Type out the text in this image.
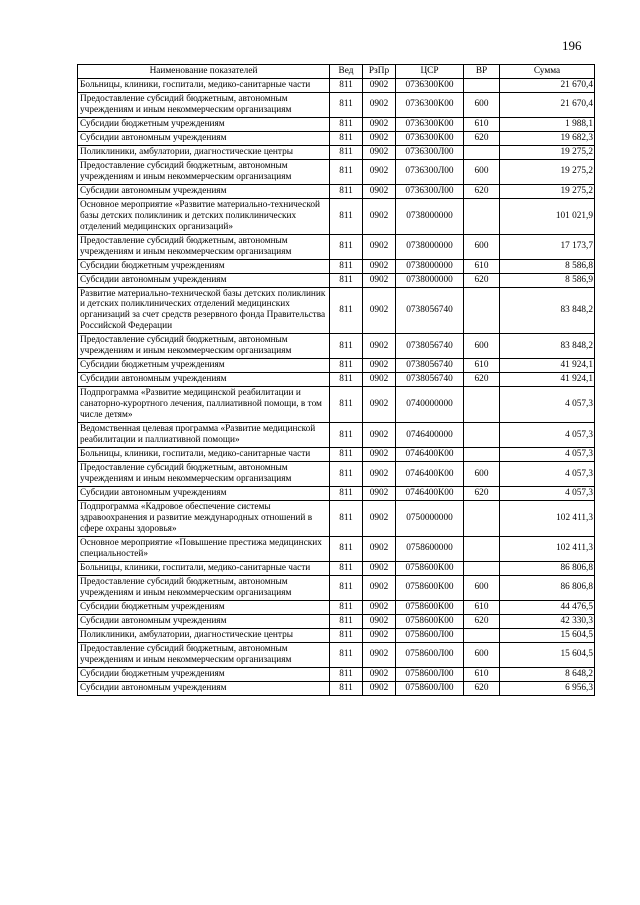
196
Наименование показателей	Вед	РзПр	ЦСР	ВР	Сумма
Больницы, клиники, госпитали, медико-санитарные части	811	0902	0736300К00		21 670,4
Предоставление субсидий бюджетным, автономным учреждениям и иным некоммерческим организациям	811	0902	0736300К00	600	21 670,4
Субсидии бюджетным учреждениям	811	0902	0736300К00	610	1 988,1
Субсидии автономным учреждениям	811	0902	0736300К00	620	19 682,3
Поликлиники, амбулатории, диагностические центры	811	0902	0736300Л00		19 275,2
Предоставление субсидий бюджетным, автономным учреждениям и иным некоммерческим организациям	811	0902	0736300Л00	600	19 275,2
Субсидии автономным учреждениям	811	0902	0736300Л00	620	19 275,2
Основное мероприятие «Развитие материально-технической базы детских поликлиник и детских поликлинических отделений медицинских организаций»	811	0902	0738000000		101 021,9
Предоставление субсидий бюджетным, автономным учреждениям и иным некоммерческим организациям	811	0902	0738000000	600	17 173,7
Субсидии бюджетным учреждениям	811	0902	0738000000	610	8 586,8
Субсидии автономным учреждениям	811	0902	0738000000	620	8 586,9
Развитие материально-технической базы детских поликлиник и детских поликлинических отделений медицинских организаций за счет средств резервного фонда Правительства Российской Федерации	811	0902	0738056740		83 848,2
Предоставление субсидий бюджетным, автономным учреждениям и иным некоммерческим организациям	811	0902	0738056740	600	83 848,2
Субсидии бюджетным учреждениям	811	0902	0738056740	610	41 924,1
Субсидии автономным учреждениям	811	0902	0738056740	620	41 924,1
Подпрограмма «Развитие медицинской реабилитации и санаторно-курортного лечения, паллиативной помощи, в том числе детям»	811	0902	0740000000		4 057,3
Ведомственная целевая программа «Развитие медицинской реабилитации и паллиативной помощи»	811	0902	0746400000		4 057,3
Больницы, клиники, госпитали, медико-санитарные части	811	0902	0746400К00		4 057,3
Предоставление субсидий бюджетным, автономным учреждениям и иным некоммерческим организациям	811	0902	0746400К00	600	4 057,3
Субсидии автономным учреждениям	811	0902	0746400К00	620	4 057,3
Подпрограмма «Кадровое обеспечение системы здравоохранения и развитие международных отношений в сфере охраны здоровья»	811	0902	0750000000		102 411,3
Основное мероприятие «Повышение престижа медицинских специальностей»	811	0902	0758600000		102 411,3
Больницы, клиники, госпитали, медико-санитарные части	811	0902	0758600К00		86 806,8
Предоставление субсидий бюджетным, автономным учреждениям и иным некоммерческим организациям	811	0902	0758600К00	600	86 806,8
Субсидии бюджетным учреждениям	811	0902	0758600К00	610	44 476,5
Субсидии автономным учреждениям	811	0902	0758600К00	620	42 330,3
Поликлиники, амбулатории, диагностические центры	811	0902	0758600Л00		15 604,5
Предоставление субсидий бюджетным, автономным учреждениям и иным некоммерческим организациям	811	0902	0758600Л00	600	15 604,5
Субсидии бюджетным учреждениям	811	0902	0758600Л00	610	8 648,2
Субсидии автономным учреждениям	811	0902	0758600Л00	620	6 956,3
